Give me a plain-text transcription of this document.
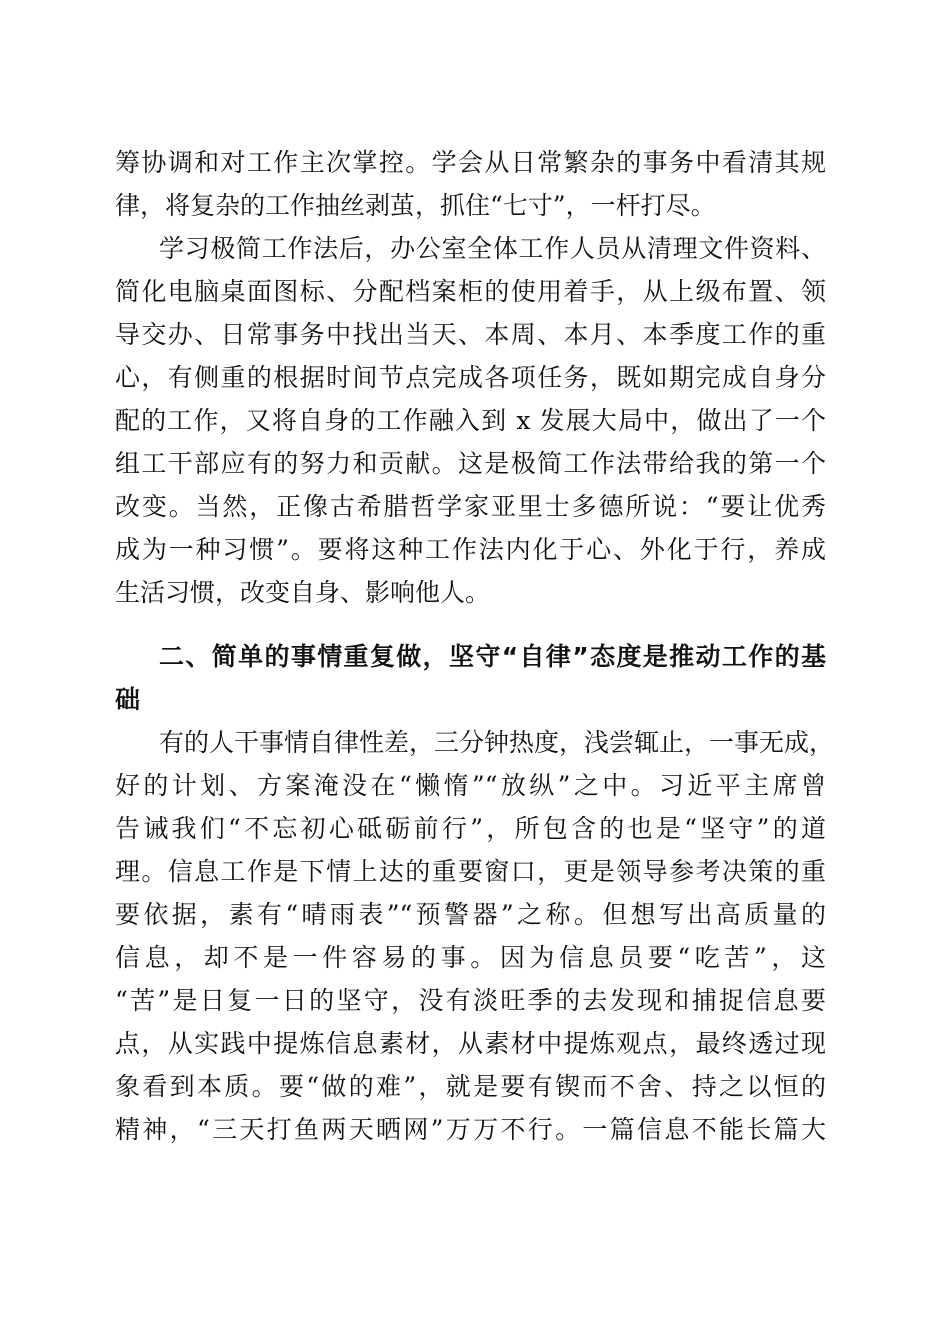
筹协调和对工作主次掌控。学会从日常繁杂的事务中看清其规
律，将复杂的工作抽丝剥茧，抓住“七寸”，一杆打尽。
学习极简工作法后，办公室全体工作人员从清理文件资料、
简化电脑桌面图标、分配档案柜的使用着手，从上级布置、领
导交办、日常事务中找出当天、本周、本月、本季度工作的重
心，有侧重的根据时间节点完成各项任务，既如期完成自身分
配的工作，又将自身的工作融入到 x 发展大局中，做出了一个
组工干部应有的努力和贡献。这是极简工作法带给我的第一个
改变。当然，正像古希腊哲学家亚里士多德所说：“要让优秀
成为一种习惯”。要将这种工作法内化于心、外化于行，养成
生活习惯，改变自身、影响他人。
二、简单的事情重复做，坚守“自律”态度是推动工作的基
础
有的人干事情自律性差，三分钟热度，浅尝辄止，一事无成，
好的计划、方案淹没在“懒惰”“放纵”之中。习近平主席曾
告诫我们“不忘初心砥砺前行”，所包含的也是“坚守”的道
理。信息工作是下情上达的重要窗口，更是领导参考决策的重
要依据，素有“晴雨表”“预警器”之称。但想写出高质量的
信息，却不是一件容易的事。因为信息员要“吃苦”，这
“苦”是日复一日的坚守，没有淡旺季的去发现和捕捉信息要
点，从实践中提炼信息素材，从素材中提炼观点，最终透过现
象看到本质。要“做的难”，就是要有锲而不舍、持之以恒的
精神，“三天打鱼两天晒网”万万不行。一篇信息不能长篇大
